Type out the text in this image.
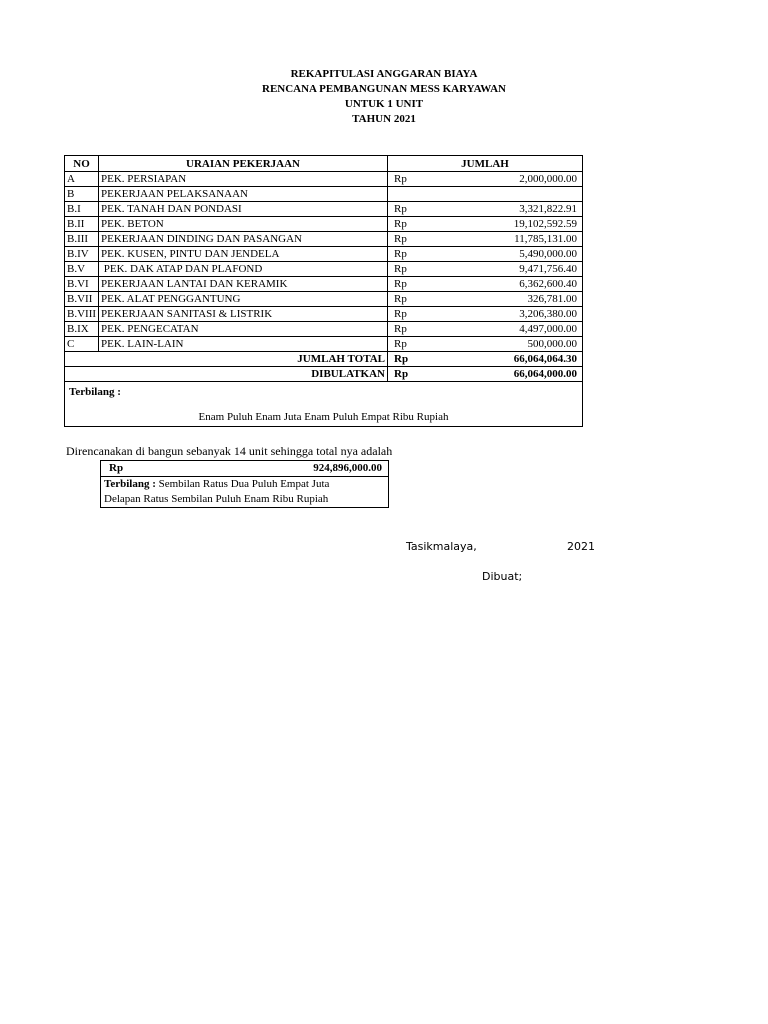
REKAPITULASI ANGGARAN BIAYA
RENCANA PEMBANGUNAN MESS KARYAWAN
UNTUK 1 UNIT
TAHUN 2021
NO	URAIAN PEKERJAAN	JUMLAH
A	PEK. PERSIAPAN	Rp 2,000,000.00

B	PEKERJAAN PELAKSANAAN	

B.I	PEK. TANAH DAN PONDASI	Rp 3,321,822.91

B.II	PEK. BETON	Rp 19,102,592.59

B.III	PEKERJAAN DINDING DAN PASANGAN	Rp 11,785,131.00

B.IV	PEK. KUSEN, PINTU DAN JENDELA	Rp 5,490,000.00

B.V	PEK. DAK ATAP DAN PLAFOND	Rp 9,471,756.40

B.VI	PEKERJAAN LANTAI DAN KERAMIK	Rp 6,362,600.40

B.VII	PEK. ALAT PENGGANTUNG	Rp 326,781.00

B.VIII	PEKERJAAN SANITASI & LISTRIK	Rp 3,206,380.00

B.IX	PEK. PENGECATAN	Rp 4,497,000.00

C	PEK. LAIN-LAIN	Rp 500,000.00

	JUMLAH TOTAL	Rp 66,064,064.30

	DIBULATKAN	Rp 66,064,000.00

Terbilang :
Enam Puluh Enam Juta Enam Puluh Empat Ribu Rupiah		
Direncanakan di bangun sebanyak 14 unit sehingga total nya adalah
Rp	924,896,000.00

Terbilang : Sembilan Ratus Dua Puluh Empat Juta
Delapan Ratus Sembilan Puluh Enam Ribu Rupiah
Tasikmalaya,	2021
Dibuat;
